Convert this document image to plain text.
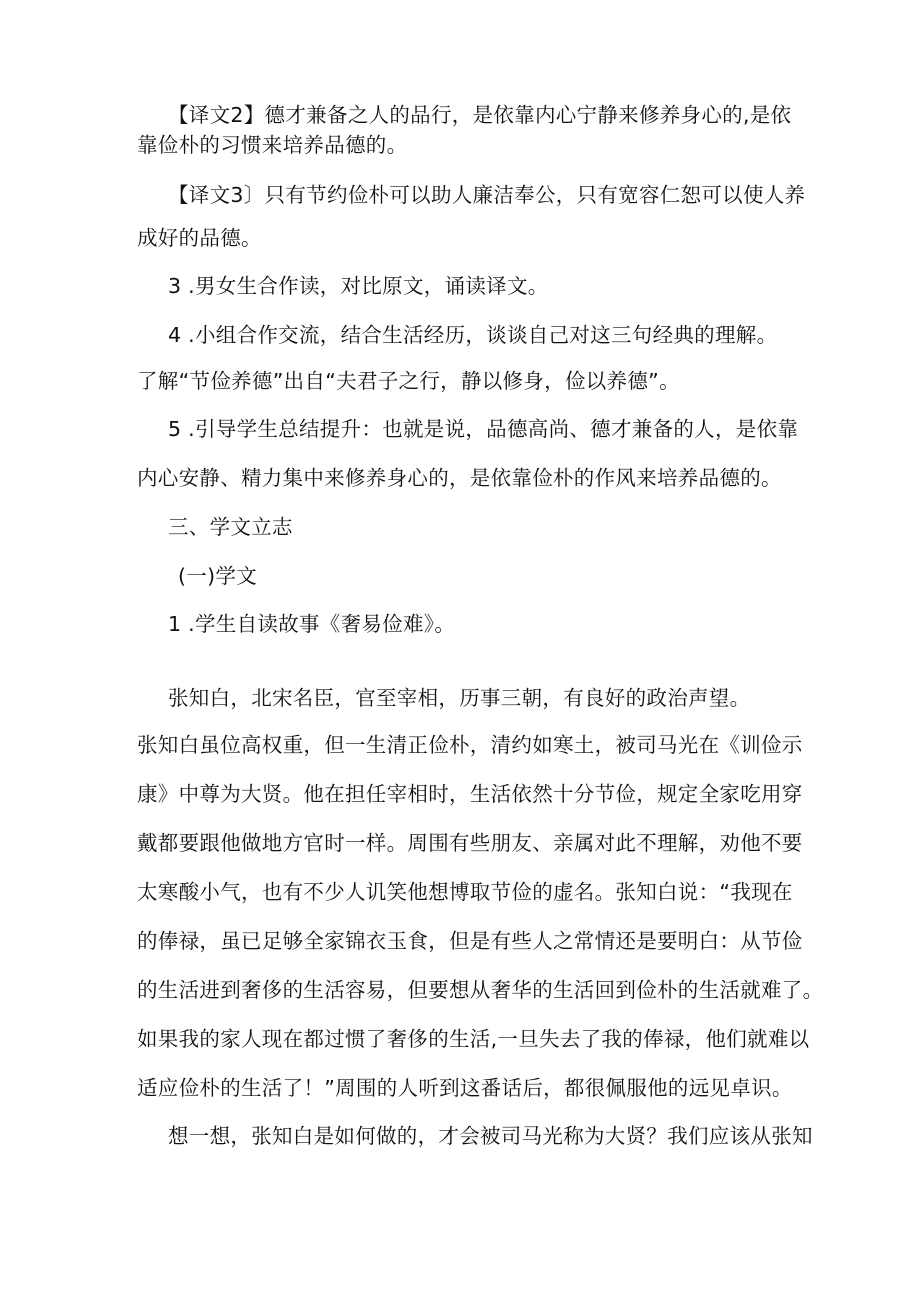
【译文2】德才兼备之人的品行，是依靠内心宁静来修养身心的,是依
靠俭朴的习惯来培养品德的。
【译文3〕只有节约俭朴可以助人廉洁奉公，只有宽容仁恕可以使人养
成好的品德。
3 .男女生合作读，对比原文，诵读译文。
4 .小组合作交流，结合生活经历，谈谈自己对这三句经典的理解。
了解“节俭养德”出自“夫君子之行，静以修身，俭以养德”。
5 .引导学生总结提升：也就是说，品德高尚、德才兼备的人，是依靠
内心安静、精力集中来修养身心的，是依靠俭朴的作风来培养品德的。
三、学文立志
(一)学文
1 .学生自读故事《奢易俭难》。
张知白，北宋名臣，官至宰相，历事三朝，有良好的政治声望。
张知白虽位高权重，但一生清正俭朴，清约如寒土，被司马光在《训俭示
康》中尊为大贤。他在担任宰相时，生活依然十分节俭，规定全家吃用穿
戴都要跟他做地方官时一样。周围有些朋友、亲属对此不理解，劝他不要
太寒酸小气，也有不少人讥笑他想博取节俭的虚名。张知白说：“我现在
的俸禄，虽已足够全家锦衣玉食，但是有些人之常情还是要明白：从节俭
的生活进到奢侈的生活容易，但要想从奢华的生活回到俭朴的生活就难了。
如果我的家人现在都过惯了奢侈的生活,一旦失去了我的俸禄，他们就难以
适应俭朴的生活了！”周围的人听到这番话后，都很佩服他的远见卓识。
想一想，张知白是如何做的，才会被司马光称为大贤？我们应该从张知
